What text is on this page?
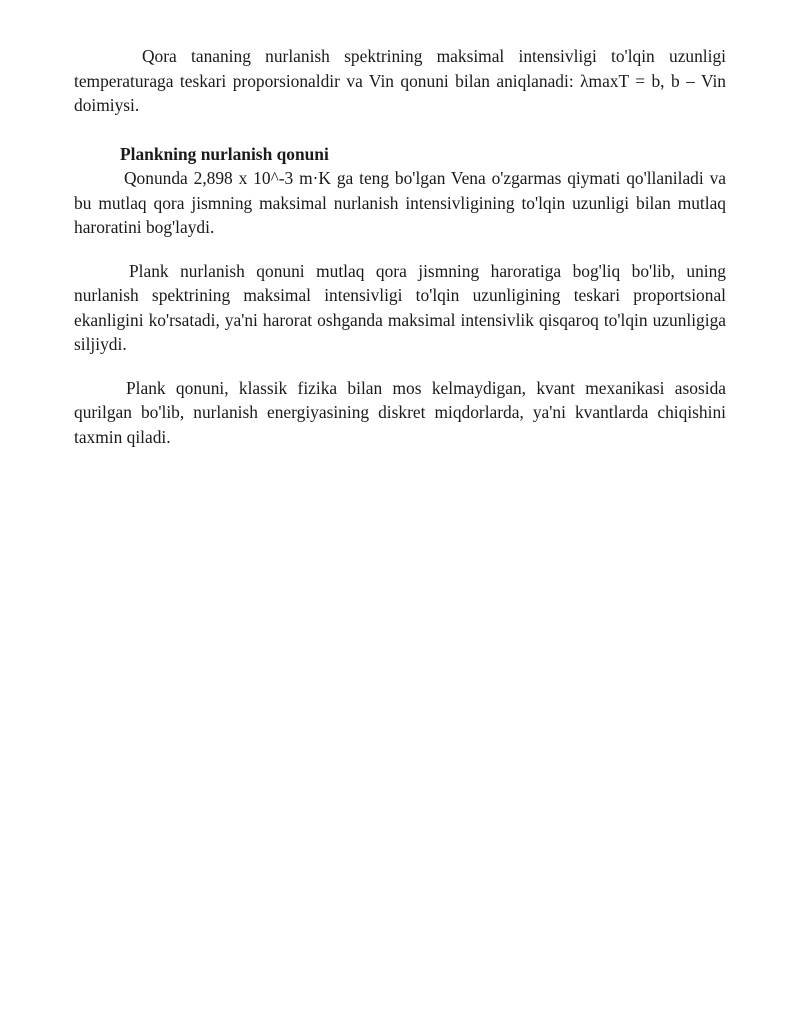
Qora tananing nurlanish spektrining maksimal intensivligi to'lqin uzunligi temperaturaga teskari proporsionaldir va Vin qonuni bilan aniqlanadi: λmaxT = b, b – Vin doimiysi.

Plankning nurlanish qonuni

Qonunda 2,898 x 10^-3 m·K ga teng bo'lgan Vena o'zgarmas qiymati qo'llaniladi va bu mutlaq qora jismning maksimal nurlanish intensivligining to'lqin uzunligi bilan mutlaq haroratini bog'laydi.

Plank nurlanish qonuni mutlaq qora jismning haroratiga bog'liq bo'lib, uning nurlanish spektrining maksimal intensivligi to'lqin uzunligining teskari proportsional ekanligini ko'rsatadi, ya'ni harorat oshganda maksimal intensivlik qisqaroq to'lqin uzunligiga siljiydi.

Plank qonuni, klassik fizika bilan mos kelmaydigan, kvant mexanikasi asosida qurilgan bo'lib, nurlanish energiyasining diskret miqdorlarda, ya'ni kvantlarda chiqishini taxmin qiladi.
